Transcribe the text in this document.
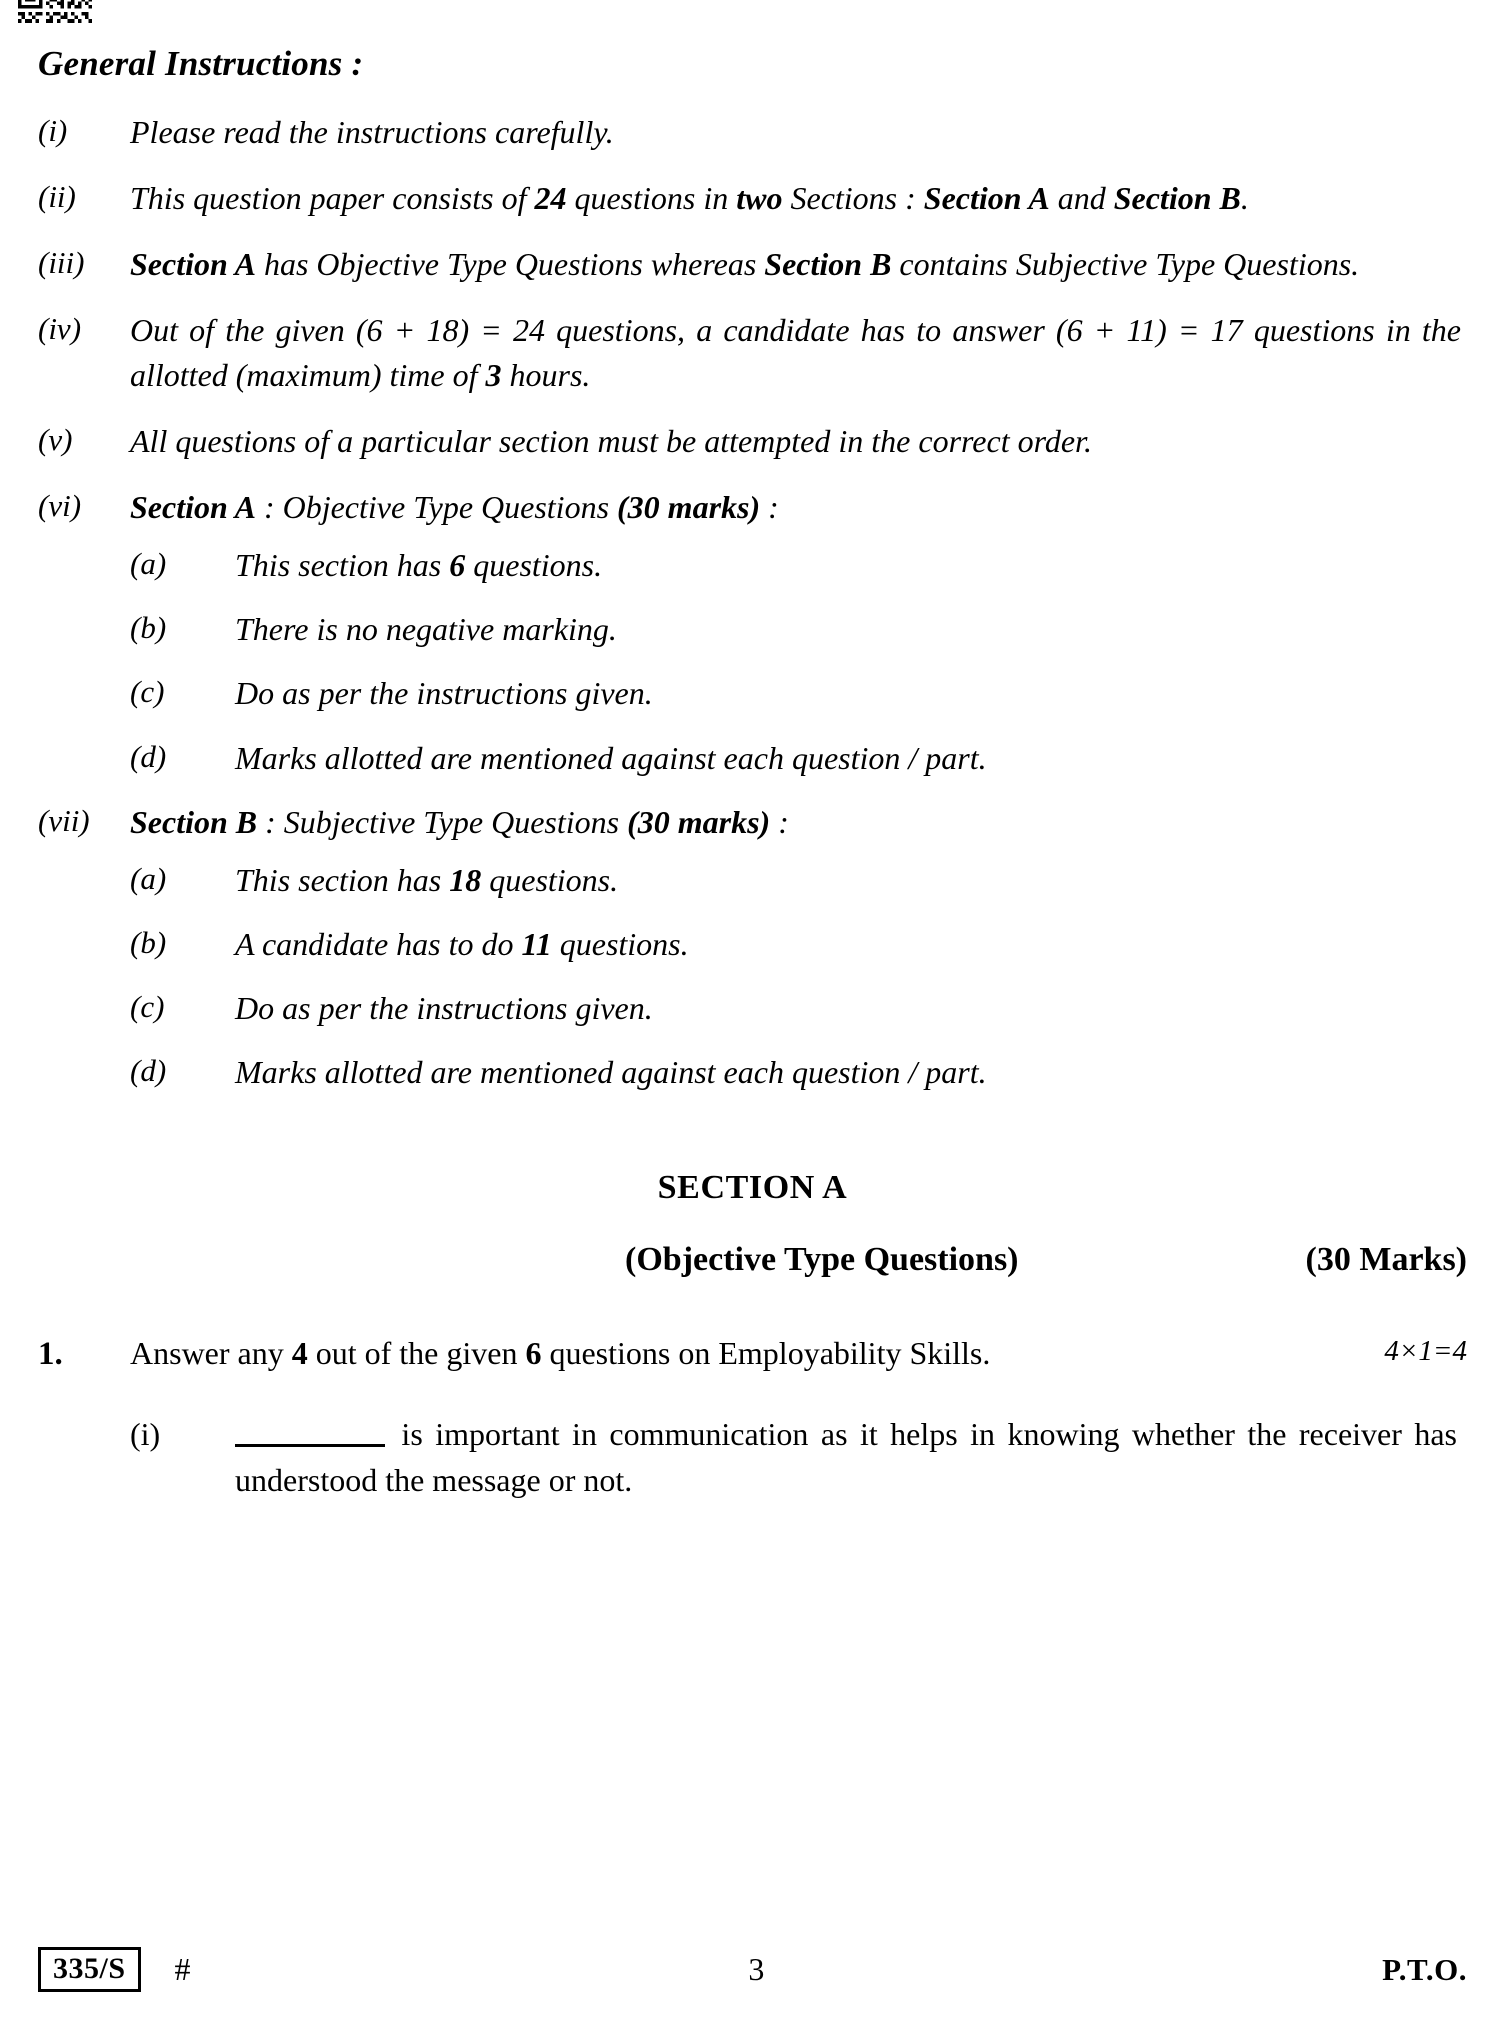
General Instructions :
(i)	Please read the instructions carefully.
(ii)	This question paper consists of 24 questions in two Sections : Section A and Section B.
(iii)	Section A has Objective Type Questions whereas Section B contains Subjective Type Questions.
(iv)	Out of the given (6 + 18) = 24 questions, a candidate has to answer (6 + 11) = 17 questions in the allotted (maximum) time of 3 hours.
(v)	All questions of a particular section must be attempted in the correct order.
(vi)	Section A : Objective Type Questions (30 marks) :
(a)	This section has 6 questions.
(b)	There is no negative marking.
(c)	Do as per the instructions given.
(d)	Marks allotted are mentioned against each question / part.
(vii)	Section B : Subjective Type Questions (30 marks) :
(a)	This section has 18 questions.
(b)	A candidate has to do 11 questions.
(c)	Do as per the instructions given.
(d)	Marks allotted are mentioned against each question / part.
SECTION A
(Objective Type Questions)	(30 Marks)
1.	Answer any 4 out of the given 6 questions on Employability Skills.	4×1=4
(i)	is important in communication as it helps in knowing whether the receiver has understood the message or not.
335/S	#	3	P.T.O.
